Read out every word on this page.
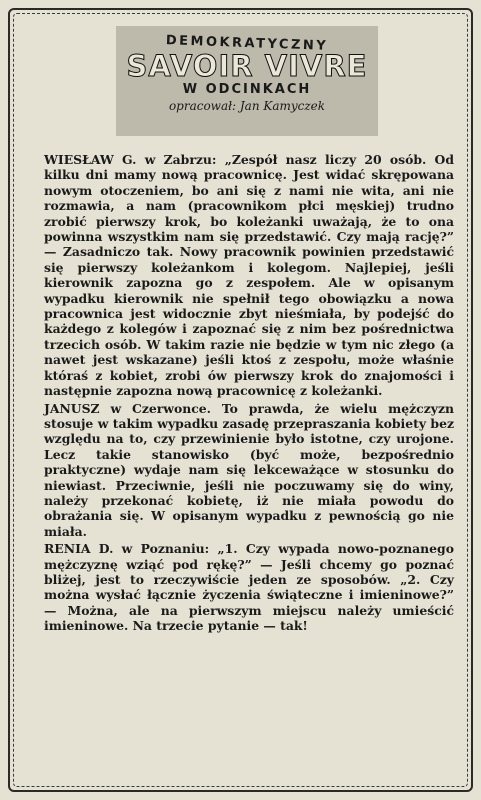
DEMOKRATYCZNY
SAVOIR VIVRE
W ODCINKACH
opracował: Jan Kamyczek

WIESŁAW G. w Zabrzu: „Zespół nasz liczy 20 osób. Od kilku dni mamy nową pracownicę. Jest widać skrępowana nowym otoczeniem, bo ani się z nami nie wita, ani nie rozmawia, a nam (pracownikom płci męskiej) trudno zrobić pierwszy krok, bo koleżanki uważają, że to ona powinna wszystkim nam się przedstawić. Czy mają rację?” — Zasadniczo tak. Nowy pracownik powinien przedstawić się pierwszy koleżankom i kolegom. Najlepiej, jeśli kierownik zapozna go z zespołem. Ale w opisanym wypadku kierownik nie spełnił tego obowiązku a nowa pracownica jest widocznie zbyt nieśmiała, by podejść do każdego z kolegów i zapoznać się z nim bez pośrednictwa trzecich osób. W takim razie nie będzie w tym nic złego (a nawet jest wskazane) jeśli ktoś z zespołu, może właśnie któraś z kobiet, zrobi ów pierwszy krok do znajomości i następnie zapozna nową pracownicę z koleżanki.

JANUSZ w Czerwonce. To prawda, że wielu mężczyzn stosuje w takim wypadku zasadę przepraszania kobiety bez względu na to, czy przewinienie było istotne, czy urojone. Lecz takie stanowisko (być może, bezpośrednio praktyczne) wydaje nam się lekceważące w stosunku do niewiast. Przeciwnie, jeśli nie poczuwamy się do winy, należy przekonać kobietę, iż nie miała powodu do obrażania się. W opisanym wypadku z pewnością go nie miała.

RENIA D. w Poznaniu: „1. Czy wypada nowo-poznanego mężczyznę wziąć pod rękę?” — Jeśli chcemy go poznać bliżej, jest to rzeczywiście jeden ze sposobów. „2. Czy można wysłać łącznie życzenia świąteczne i imieninowe?” — Można, ale na pierwszym miejscu należy umieścić imieninowe. Na trzecie pytanie — tak!
